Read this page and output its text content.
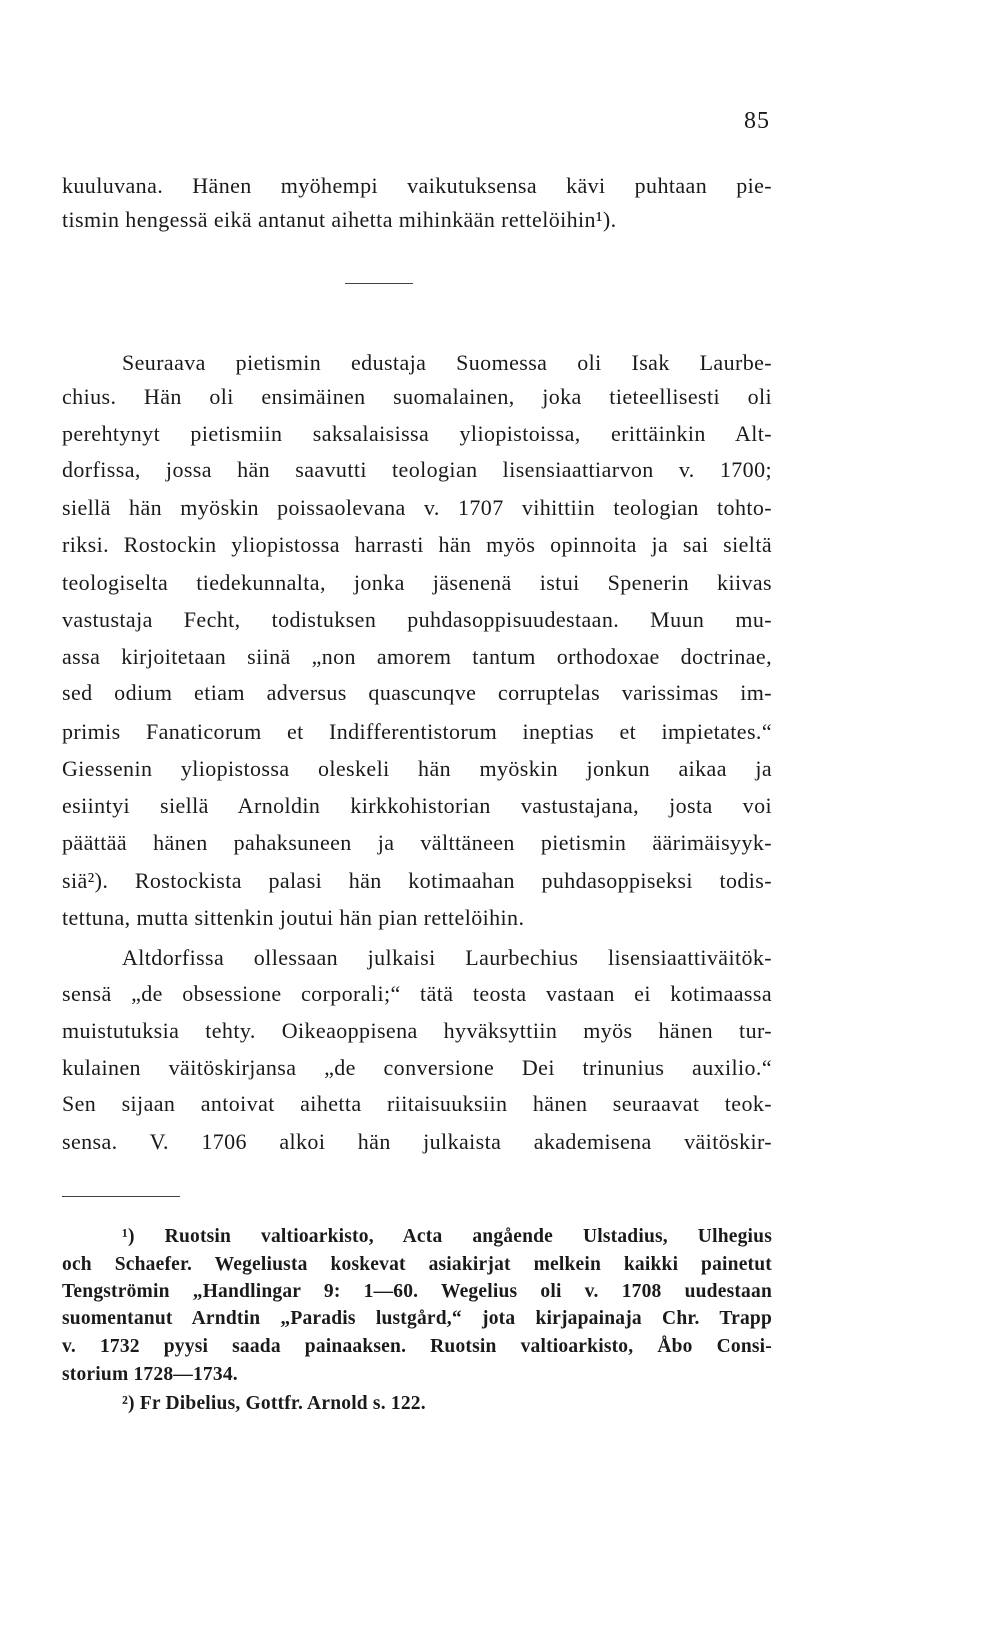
85
kuuluvana. Hänen myöhempi vaikutuksensa kävi puhtaan pie-
tismin hengessä eikä antanut aihetta mihinkään rettelöihin¹).
Seuraava pietismin edustaja Suomessa oli Isak Laurbe-
chius. Hän oli ensimäinen suomalainen, joka tieteellisesti oli
perehtynyt pietismiin saksalaisissa yliopistoissa, erittäinkin Alt-
dorfissa, jossa hän saavutti teologian lisensiaattiarvon v. 1700;
siellä hän myöskin poissaolevana v. 1707 vihittiin teologian tohto-
riksi. Rostockin yliopistossa harrasti hän myös opinnoita ja sai sieltä
teologiselta tiedekunnalta, jonka jäsenenä istui Spenerin kiivas
vastustaja Fecht, todistuksen puhdasoppisuudestaan. Muun mu-
assa kirjoitetaan siinä „non amorem tantum orthodoxae doctrinae,
sed odium etiam adversus quascunqve corruptelas varissimas im-
primis Fanaticorum et Indifferentistorum ineptias et impietates.“
Giessenin yliopistossa oleskeli hän myöskin jonkun aikaa ja
esiintyi siellä Arnoldin kirkkohistorian vastustajana, josta voi
päättää hänen pahaksuneen ja välttäneen pietismin äärimäisyyk-
siä²). Rostockista palasi hän kotimaahan puhdasoppiseksi todis-
tettuna, mutta sittenkin joutui hän pian rettelöihin.
Altdorfissa ollessaan julkaisi Laurbechius lisensiaattiväitök-
sensä „de obsessione corporali;“ tätä teosta vastaan ei kotimaassa
muistutuksia tehty. Oikeaoppisena hyväksyttiin myös hänen tur-
kulainen väitöskirjansa „de conversione Dei trinunius auxilio.“
Sen sijaan antoivat aihetta riitaisuuksiin hänen seuraavat teok-
sensa. V. 1706 alkoi hän julkaista akademisena väitöskir-
¹) Ruotsin valtioarkisto, Acta angående Ulstadius, Ulhegius
och Schaefer. Wegeliusta koskevat asiakirjat melkein kaikki painetut
Tengströmin „Handlingar 9: 1—60. Wegelius oli v. 1708 uudestaan
suomentanut Arndtin „Paradis lustgård,“ jota kirjapainaja Chr. Trapp
v. 1732 pyysi saada painaaksen. Ruotsin valtioarkisto, Åbo Consi-
storium 1728—1734.
²) Fr Dibelius, Gottfr. Arnold s. 122.
